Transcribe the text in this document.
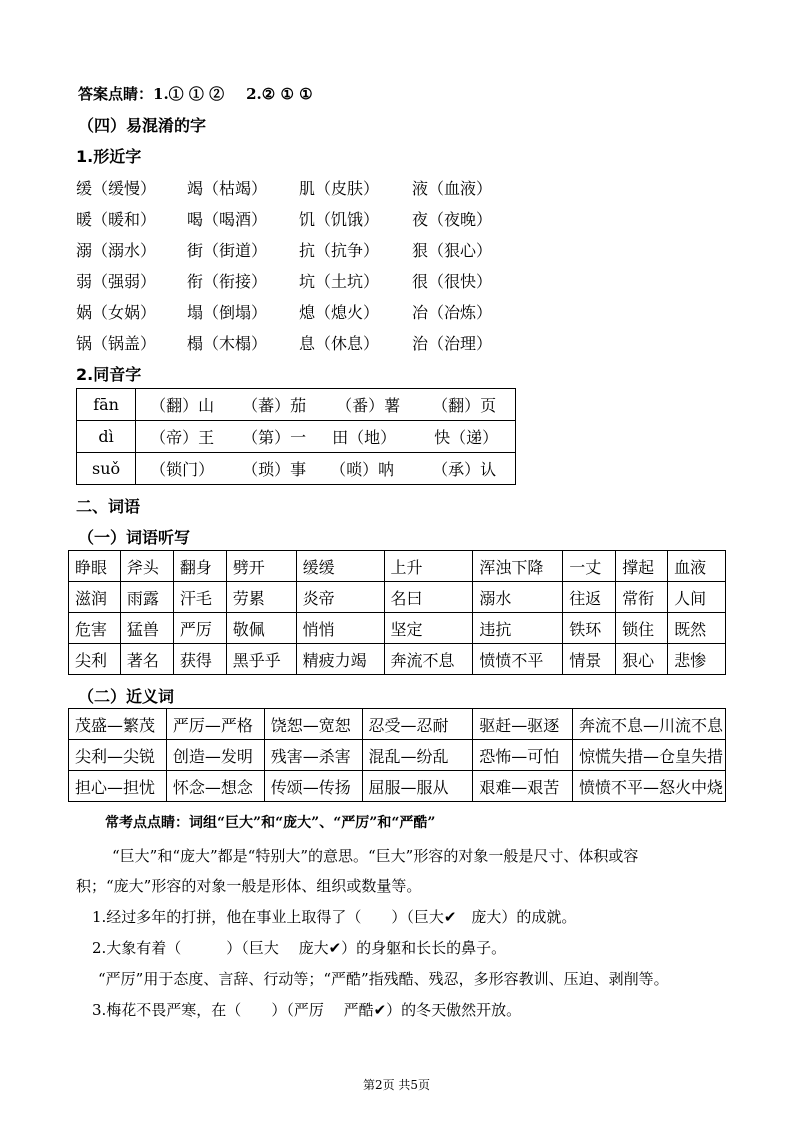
答案点睛：1.① ① ② 2.② ① ①
（四）易混淆的字
1.形近字
缓（缓慢） 竭（枯竭） 肌（皮肤） 液（血液）
暖（暖和） 喝（喝酒） 饥（饥饿） 夜（夜晚）
溺（溺水） 街（街道） 抗（抗争） 狠（狠心）
弱（强弱） 衔（衔接） 坑（土坑） 很（很快）
娲（女娲） 塌（倒塌） 熄（熄火） 冶（冶炼）
锅（锅盖） 榻（木榻） 息（休息） 治（治理）
2.同音字
fān	（翻）山 （蕃）茄 （番）薯 （翻）页
dì	（帝）王 （第）一 田（地） 快（递）
suǒ	（锁门） （琐）事 （唢）呐 （承）认
二、词语
（一）词语听写
睁眼	斧头	翻身	劈开	缓缓	上升	浑浊下降	一丈	撑起	血液
滋润	雨露	汗毛	劳累	炎帝	名曰	溺水	往返	常衔	人间
危害	猛兽	严厉	敬佩	悄悄	坚定	违抗	铁环	锁住	既然
尖利	著名	获得	黑乎乎	精疲力竭	奔流不息	愤愤不平	情景	狠心	悲惨
（二）近义词
茂盛—繁茂	严厉—严格	饶恕—宽恕	忍受—忍耐	驱赶—驱逐	奔流不息—川流不息
尖利—尖锐	创造—发明	残害—杀害	混乱—纷乱	恐怖—可怕	惊慌失措—仓皇失措
担心—担忧	怀念—想念	传颂—传扬	屈服—服从	艰难—艰苦	愤愤不平—怒火中烧
常考点点睛：词组“巨大”和“庞大”、“严厉”和“严酷”
“巨大”和“庞大”都是“特别大”的意思。“巨大”形容的对象一般是尺寸、体积或容
积；“庞大”形容的对象一般是形体、组织或数量等。
1.经过多年的打拼，他在事业上取得了（　　）（巨大✔　庞大）的成就。
2.大象有着（　　　）（巨大　 庞大✔）的身躯和长长的鼻子。
“严厉”用于态度、言辞、行动等；“严酷”指残酷、残忍，多形容教训、压迫、剥削等。
3.梅花不畏严寒，在（　　）（严厉　 严酷✔）的冬天傲然开放。
第2页 共5页
